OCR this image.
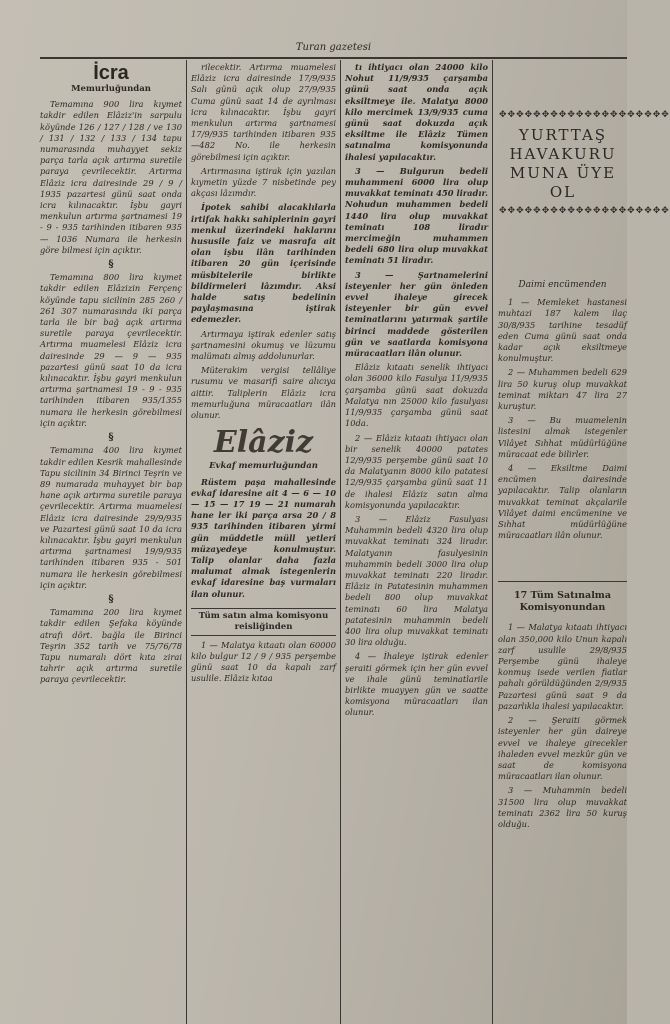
Turan gazetesi
İcra
Memurluğundan

Temamına 900 lira kıymet takdir edilen Elâziz'in sarpulu köyünde 126 / 127 / 128 / ve 130 / 131 / 132 / 133 / 134 tapu numarasında muhayyet sekiz parça tarla açık artırma suretile paraya çevrilecektir. Artırma Elâziz icra dairesinde 29 / 9 / 1935 pazartesi günü saat onda icra kılınacaktır. İşbu gayri menkulun artırma şartnamesi 19 - 9 - 935 tarihinden itibaren 935 — 1036 Numara ile herkesin göre bilmesi için açıktır.

§

Temamına 800 lira kıymet takdir edilen Elâzizin Ferçenç köyünde tapu sicilinin 285 260 / 261 307 numarasında iki parça tarla ile bir bağ açık artırma suretile paraya çevrilecektir. Artırma muamelesi Elâziz icra dairesinde 29 — 9 — 935 pazartesi günü saat 10 da icra kılınacaktır. İşbu gayri menkulun artırma şartnamesi 19 - 9 - 935 tarihinden itibaren 935/1355 numara ile herkesin görebilmesi için açıktır.

§

Temamına 400 lira kıymet takdir edilen Kesrik mahallesinde Tapu sicilinin 34 Birinci Teşrin ve 89 numarada muhayyet bir bap hane açık artırma suretile paraya çevrilecektir. Artırma muamelesi Elâziz icra dairesinde 29/9/935 ve Pazartesi günü saat 10 da icra kılınacaktır. İşbu gayri menkulun artırma şartnamesi 19/9/935 tarihinden itibaren 935 - 501 numara ile herkesin görebilmesi için açıktır.

§

Tamamına 200 lira kıymet takdir edilen Şefaka köyünde atrafı dört. bağla ile Birinci Teşrin 352 tarih ve 75/76/78 Tapu numaralı dört kıta zirai tahrir açık artırma suretile paraya çevrilecektir.

rilecektir. Artırma muamelesi Elâziz icra dairesinde 17/9/935 Salı günü açık olup 27/9/935 Cuma günü saat 14 de ayrılması icra kılınacaktır. İşbu gayri menkulun artırma şartnamesi 17/9/935 tarihinden itibaren 935—482 No. ile herkesin görebilmesi için açıktır.

Artırmasına iştirak için yazılan kıymetin yüzde 7 nisbetinde pey akçası lâzımdır.

İpotek sahibi alacaklılarla irtifak hakkı sahiplerinin gayri menkul üzerindeki haklarını hususile faiz ve masrafa ait olan işbu ilân tarihinden itibaren 20 gün içerisinde müsbitelerile birlikte bildirmeleri lâzımdır. Aksi halde satış bedelinin paylaşmasına iştirak edemezler.

Artırmaya iştirak edenler satış şartnamesini okumuş ve lüzumu malümatı almış addolunurlar.

Müterakim vergisi tellâliye rusumu ve masarifi saire alıcıya aittir. Taliplerin Elâziz icra memurluğuna müracaatları ilân olunur.

Elâziz
Evkaf memurluğundan

Rüstem paşa mahallesinde evkaf idaresine ait 4 — 6 — 10 — 15 — 17 19 — 21 numarah hane ler iki parça arsa 20 / 8 935 tarihinden itibaren yirmi gün müddetle müll yetleri müzayedeye konulmuştur. Talip olanlar daha fazla malumat almak istegenlerin evkaf idaresine baş vurmaları ilan olunur.

Tüm satın alma komisyonu reisliğinden

1 — Malatya kıtaatı olan 60000 kilo bulgur 12 / 9 / 935 perşembe günü saat 10 da kapalı zarf usulile. Elâziz kıtaa

tı ihtiyacı olan 24000 kilo Nohut 11/9/935 çarşamba günü saat onda açık eksiltmeye ile. Malatya 8000 kilo mercimek 13/9/935 cuma günü saat dokuzda açık eksiltme ile Elâziz Tümen satınalma komisyonunda ihalesi yapılacaktır.

3 — Bulgurun bedeli muhammeni 6000 lira olup muvakkat teminatı 450 liradır. Nohudun muhammen bedeli 1440 lira olup muvakkat teminatı 108 liradır mercimeğin muhammen bedeli 680 lira olup muvakkat teminatı 51 liradır.

3 — Şartnamelerini isteyenler her gün önleden evvel ihaleye girecek isteyenler bir gün evvel teminatlarını yatırmak şartile birinci maddede gösterilen gün ve saatlarda komisyona müracaatları ilân olunur.

Elâziz kıtaatı senelik ihtiyacı olan 36000 kilo Fasulya 11/9/935 çarşamba günü saat dokuzda Malatya nın 25000 kilo fasulyası 11/9/935 çarşamba günü saat 10da.

2 — Elâziz kıtaatı ihtiyacı olan bir senelik 40000 patates 12/9/935 perşembe günü saat 10 da Malatyanın 8000 kilo patatesi 12/9/935 çarşamba günü saat 11 de ihalesi Elâziz satın alma komisyonunda yapılacaktır.

3 — Elâziz Fasulyası Muhammin bedeli 4320 lira olup muvakkat teminatı 324 liradır. Malatyanın fasulyesinin muhammin bedeli 3000 lira olup muvakkat teminatı 220 liradır. Elâziz in Patatesinin muhammen bedeli 800 olup muvakkat teminatı 60 lira Malatya patatesinin muhammin bedeli 400 lira olup muvakkat teminatı 30 lira olduğu.

4 — İhaleye iştirak edenler şeraiti görmek için her gün evvel ve ihale günü teminatlarile birlikte muayyen gün ve saatte komisyona müracaatları ilan olunur.

✥✥✥✥✥✥✥✥✥✥✥✥✥✥✥✥✥✥✥✥
YURTTAŞ
HAVAKURU
MUNA ÜYE
OL
✥✥✥✥✥✥✥✥✥✥✥✥✥✥✥✥✥✥✥✥
Daimi encümenden

1 — Memleket hastanesi muhtazi 187 kalem ilaç 30/8/935 tarihine tesadüf eden Cuma günü saat onda kadar açık eksiltmeye konulmuştur.

2 — Muhammen bedeli 629 lira 50 kuruş olup muvakkat teminat miktarı 47 lira 27 kuruştur.

3 — Bu muamelenin listesini almak istegenler Vilâyet Sıhhat müdürlüğüne müracaat ede bilirler.

4 — Eksiltme Daimi encümen dairesinde yapılacaktır. Talip olanların muvakkat teminat akçalarile Vilâyet daimi encümenine ve Sıhhat müdürlüğüne müracaatları ilân olunur.

17 Tüm Satınalma Komisyonundan

1 — Malatya kıtaatı ihtiyacı olan 350,000 kilo Unun kapalı zarf usulile 29/8/935 Perşembe günü ihaleye konmuş isede verilen fiatlar pahalı görüldüğünden 2/9/935 Pazartesi günü saat 9 da pazarlıkla ihalesi yapılacaktır.

2 — Şeraiti görmek isteyenler her gün daireye evvel ve ihaleye girecekler ihaleden evvel mezkûr gün ve saat de komisyona müracaatları ilan olunur.

3 — Muhammin bedeli 31500 lira olup muvakkat teminatı 2362 lira 50 kuruş olduğu.
